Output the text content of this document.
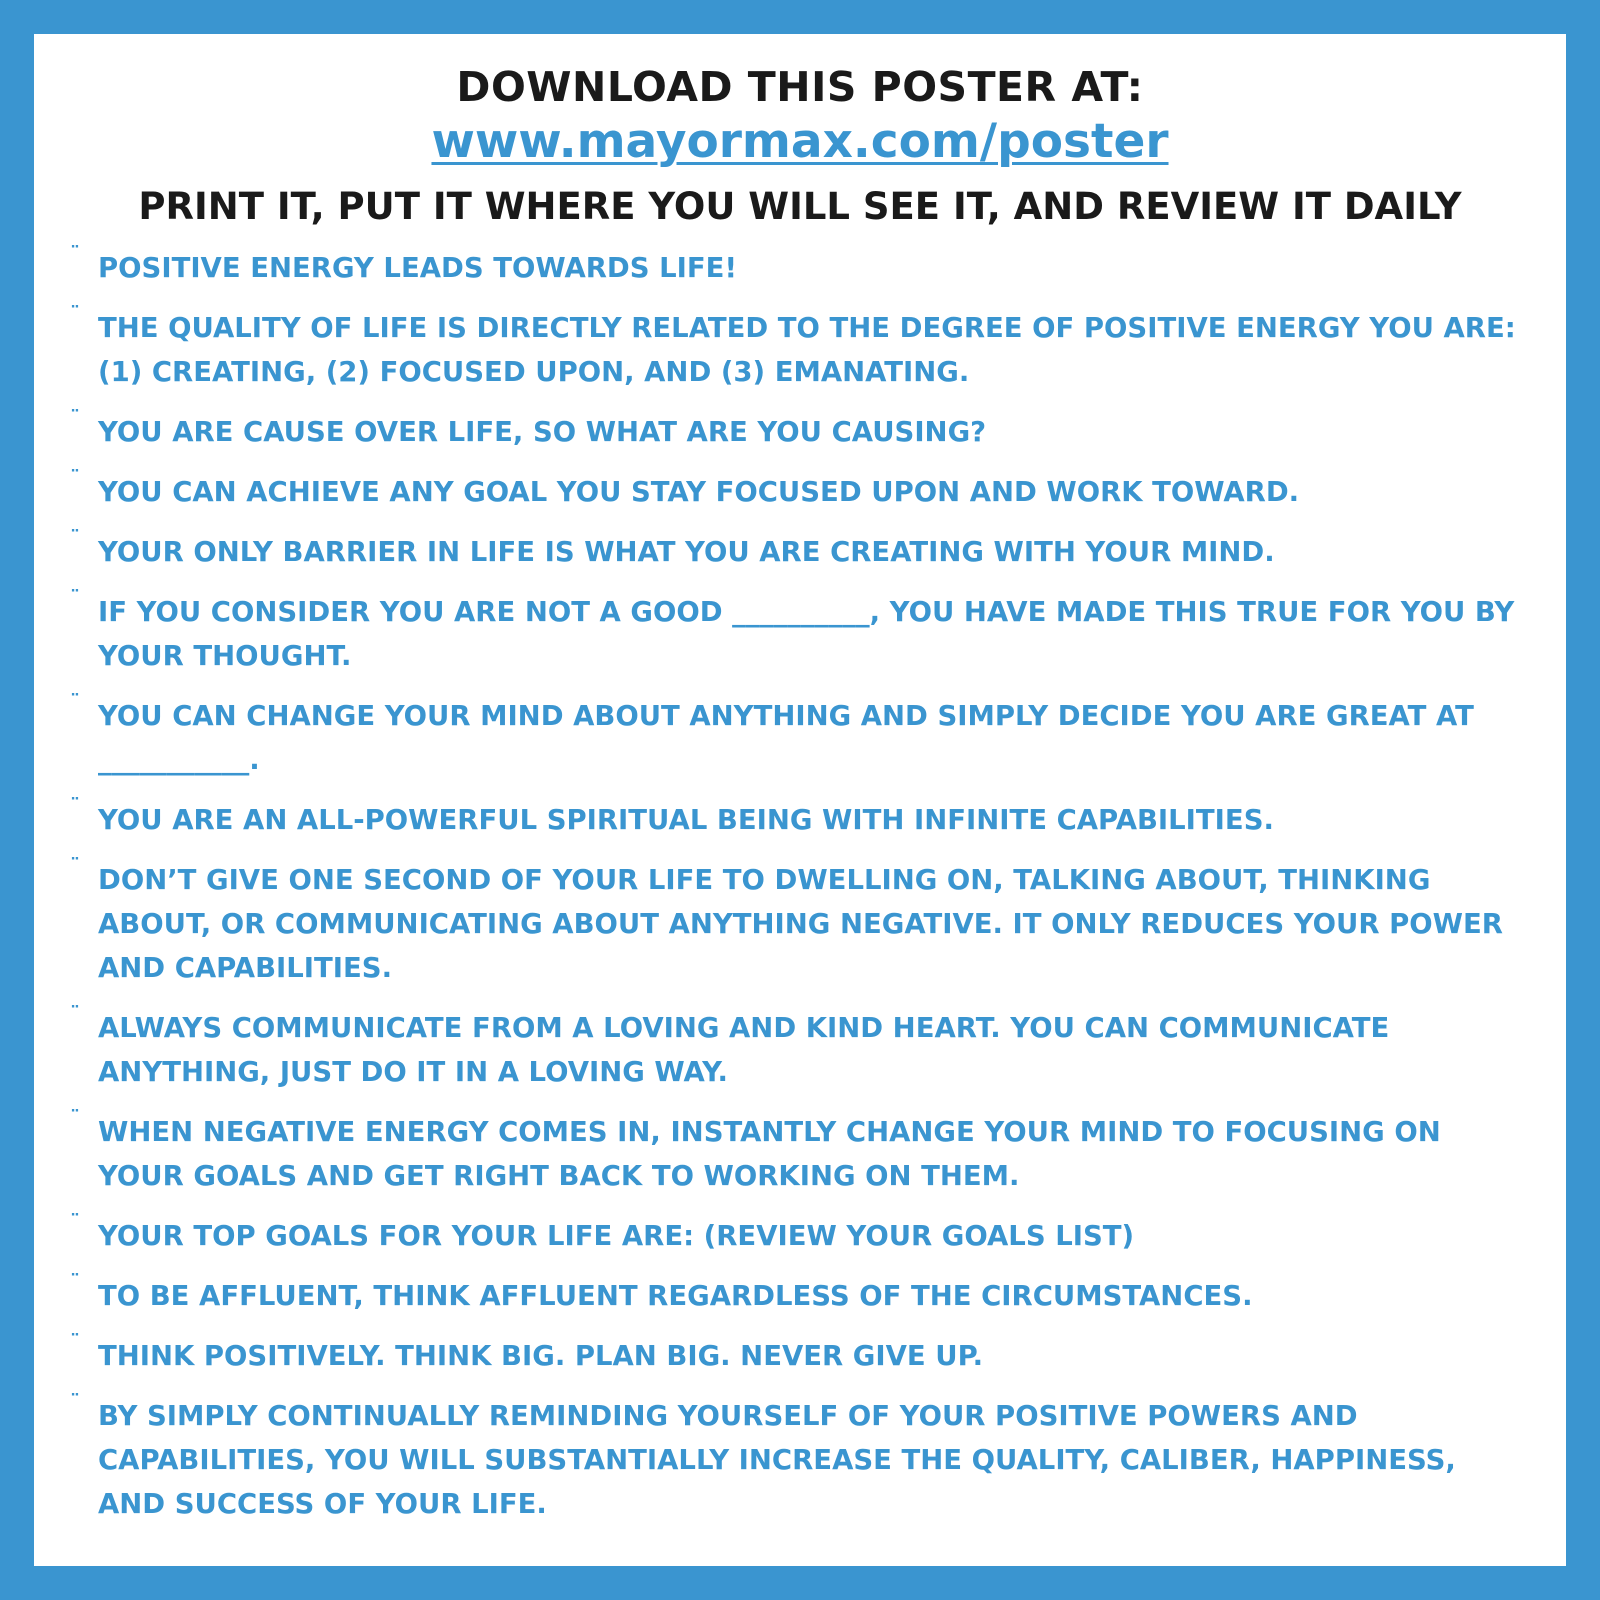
DOWNLOAD THIS POSTER AT:
www.mayormax.com/poster
PRINT IT, PUT IT WHERE YOU WILL SEE IT, AND REVIEW IT DAILY
¨ POSITIVE ENERGY LEADS TOWARDS LIFE!
¨ THE QUALITY OF LIFE IS DIRECTLY RELATED TO THE DEGREE OF POSITIVE ENERGY YOU ARE: (1) CREATING, (2) FOCUSED UPON, AND (3) EMANATING.
¨ YOU ARE CAUSE OVER LIFE, SO WHAT ARE YOU CAUSING?
¨ YOU CAN ACHIEVE ANY GOAL YOU STAY FOCUSED UPON AND WORK TOWARD.
¨ YOUR ONLY BARRIER IN LIFE IS WHAT YOU ARE CREATING WITH YOUR MIND.
¨ IF YOU CONSIDER YOU ARE NOT A GOOD __________, YOU HAVE MADE THIS TRUE FOR YOU BY YOUR THOUGHT.
¨ YOU CAN CHANGE YOUR MIND ABOUT ANYTHING AND SIMPLY DECIDE YOU ARE GREAT AT ___________.
¨ YOU ARE AN ALL-POWERFUL SPIRITUAL BEING WITH INFINITE CAPABILITIES.
¨ DON’T GIVE ONE SECOND OF YOUR LIFE TO DWELLING ON, TALKING ABOUT, THINKING ABOUT, OR COMMUNICATING ABOUT ANYTHING NEGATIVE. IT ONLY REDUCES YOUR POWER AND CAPABILITIES.
¨ ALWAYS COMMUNICATE FROM A LOVING AND KIND HEART. YOU CAN COMMUNICATE ANYTHING, JUST DO IT IN A LOVING WAY.
¨ WHEN NEGATIVE ENERGY COMES IN, INSTANTLY CHANGE YOUR MIND TO FOCUSING ON YOUR GOALS AND GET RIGHT BACK TO WORKING ON THEM.
¨ YOUR TOP GOALS FOR YOUR LIFE ARE: (REVIEW YOUR GOALS LIST)
¨ TO BE AFFLUENT, THINK AFFLUENT REGARDLESS OF THE CIRCUMSTANCES.
¨ THINK POSITIVELY. THINK BIG. PLAN BIG. NEVER GIVE UP.
¨ BY SIMPLY CONTINUALLY REMINDING YOURSELF OF YOUR POSITIVE POWERS AND CAPABILITIES, YOU WILL SUBSTANTIALLY INCREASE THE QUALITY, CALIBER, HAPPINESS, AND SUCCESS OF YOUR LIFE.
